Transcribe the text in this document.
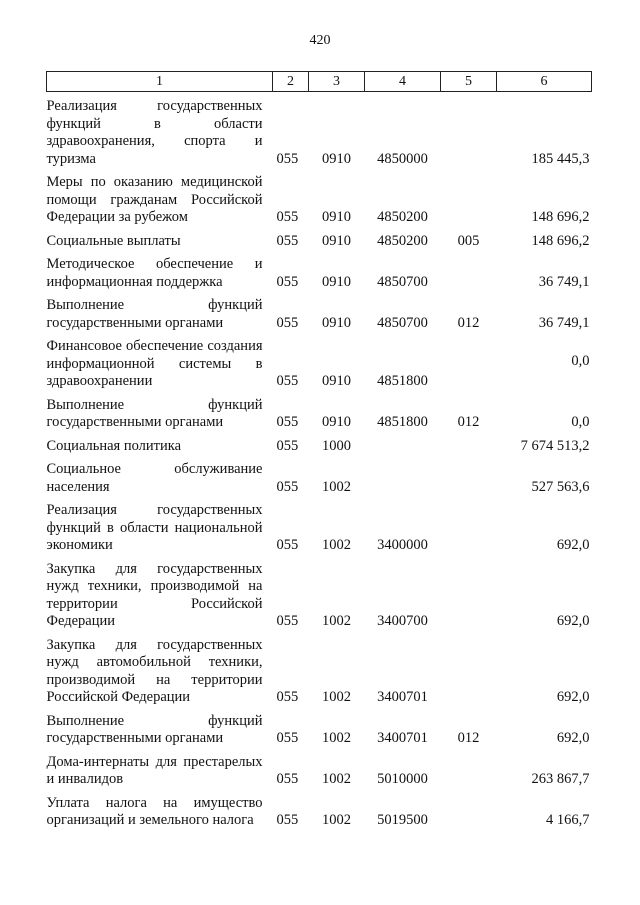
420
1	2	3	4	5	6
Реализация государственных функций в области здравоохранения, спорта и туризма	055	0910	4850000		185 445,3
Меры по оказанию медицинской помощи гражданам Российской Федерации за рубежом	055	0910	4850200		148 696,2
Социальные выплаты	055	0910	4850200	005	148 696,2
Методическое обеспечение и информационная поддержка	055	0910	4850700		36 749,1
Выполнение функций государственными органами	055	0910	4850700	012	36 749,1
Финансовое обеспечение создания информационной системы в здравоохранении	055	0910	4851800		0,0
Выполнение функций государственными органами	055	0910	4851800	012	0,0
Социальная политика	055	1000			7 674 513,2
Социальное обслуживание населения	055	1002			527 563,6
Реализация государственных функций в области национальной экономики	055	1002	3400000		692,0
Закупка для государственных нужд техники, производимой на территории Российской Федерации	055	1002	3400700		692,0
Закупка для государственных нужд автомобильной техники, производимой на территории Российской Федерации	055	1002	3400701		692,0
Выполнение функций государственными органами	055	1002	3400701	012	692,0
Дома-интернаты для престарелых и инвалидов	055	1002	5010000		263 867,7
Уплата налога на имущество организаций и земельного налога	055	1002	5019500		4 166,7
